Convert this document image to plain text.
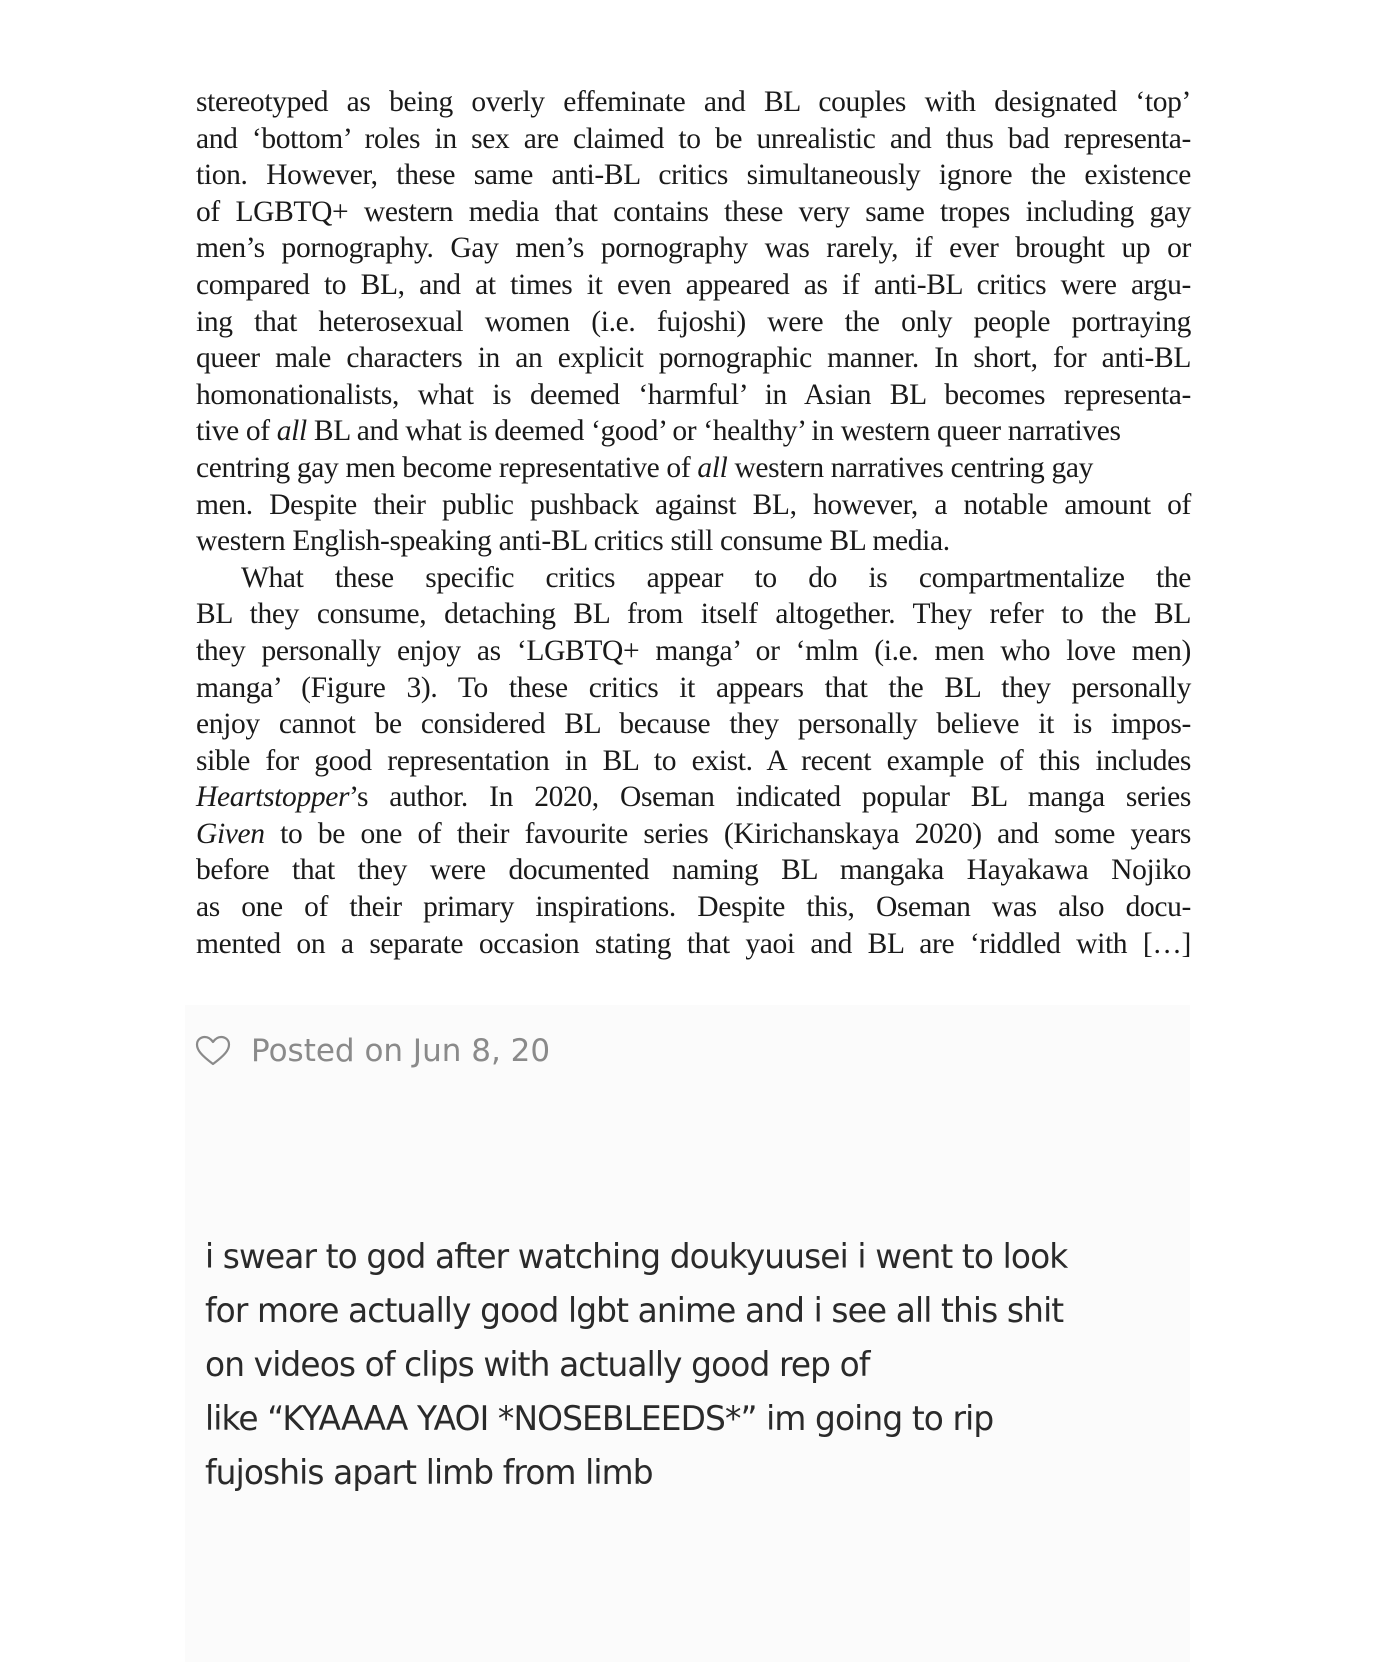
stereotyped as being overly effeminate and BL couples with designated ‘top’
and ‘bottom’ roles in sex are claimed to be unrealistic and thus bad representa-
tion. However, these same anti-BL critics simultaneously ignore the existence
of LGBTQ+ western media that contains these very same tropes including gay
men’s pornography. Gay men’s pornography was rarely, if ever brought up or
compared to BL, and at times it even appeared as if anti-BL critics were argu-
ing that heterosexual women (i.e. fujoshi) were the only people portraying
queer male characters in an explicit pornographic manner. In short, for anti-BL
homonationalists, what is deemed ‘harmful’ in Asian BL becomes representa-
tive of all BL and what is deemed ‘good’ or ‘healthy’ in western queer narratives
centring gay men become representative of all western narratives centring gay
men. Despite their public pushback against BL, however, a notable amount of
western English-speaking anti-BL critics still consume BL media.
What these specific critics appear to do is compartmentalize the
BL they consume, detaching BL from itself altogether. They refer to the BL
they personally enjoy as ‘LGBTQ+ manga’ or ‘mlm (i.e. men who love men)
manga’ (Figure 3). To these critics it appears that the BL they personally
enjoy cannot be considered BL because they personally believe it is impos-
sible for good representation in BL to exist. A recent example of this includes
Heartstopper’s author. In 2020, Oseman indicated popular BL manga series
Given to be one of their favourite series (Kirichanskaya 2020) and some years
before that they were documented naming BL mangaka Hayakawa Nojiko
as one of their primary inspirations. Despite this, Oseman was also docu-
mented on a separate occasion stating that yaoi and BL are ‘riddled with […]
Posted on Jun 8, 20
i swear to god after watching doukyuusei i went to look
for more actually good lgbt anime and i see all this shit
on videos of clips with actually good rep of
like “KYAAAA YAOI *NOSEBLEEDS*” im going to rip
fujoshis apart limb from limb
